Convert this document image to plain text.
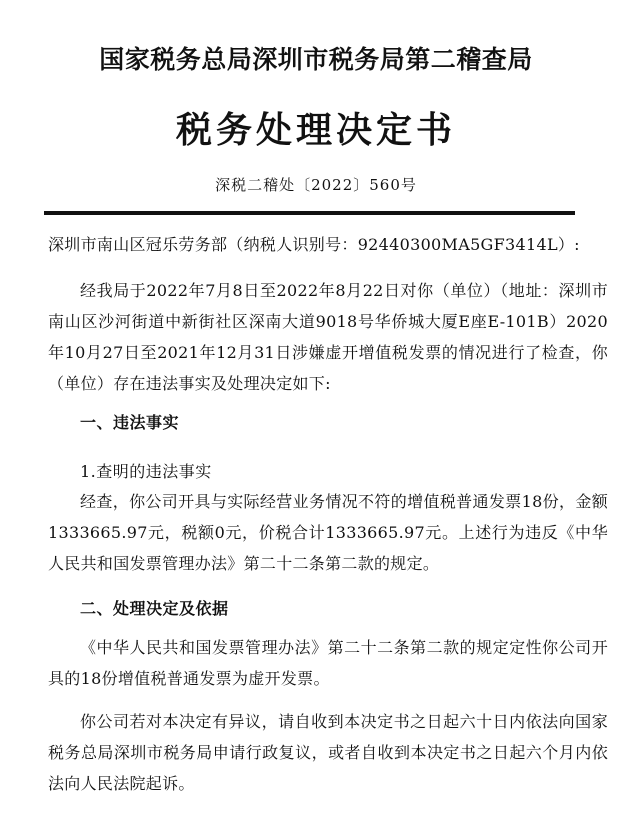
国家税务总局深圳市税务局第二稽查局
税务处理决定书
深税二稽处〔2022〕560号

深圳市南山区冠乐劳务部（纳税人识别号：92440300MA5GF3414L）:

经我局于2022年7月8日至2022年8月22日对你（单位）（地址：深圳市南山区沙河街道中新街社区深南大道9018号华侨城大厦E座E-101B）2020年10月27日至2021年12月31日涉嫌虚开增值税发票的情况进行了检查，你（单位）存在违法事实及处理决定如下:

一、违法事实

1.查明的违法事实

经查，你公司开具与实际经营业务情况不符的增值税普通发票18份，金额1333665.97元，税额0元，价税合计1333665.97元。上述行为违反《中华人民共和国发票管理办法》第二十二条第二款的规定。

二、处理决定及依据

《中华人民共和国发票管理办法》第二十二条第二款的规定定性你公司开具的18份增值税普通发票为虚开发票。

你公司若对本决定有异议，请自收到本决定书之日起六十日内依法向国家税务总局深圳市税务局申请行政复议，或者自收到本决定书之日起六个月内依法向人民法院起诉。
